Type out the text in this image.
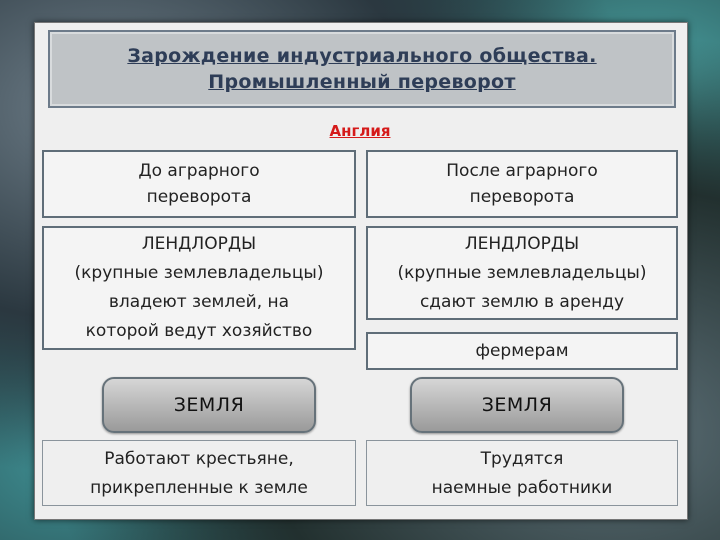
Зарождение индустриального общества.
Промышленный переворот
Англия
До аграрного
переворота
ЛЕНДЛОРДЫ
(крупные землевладельцы)
владеют землей, на
которой ведут хозяйство
ЗЕМЛЯ
Работают крестьяне,
прикрепленные к земле
После аграрного
переворота
ЛЕНДЛОРДЫ
(крупные землевладельцы)
сдают землю в аренду
фермерам
ЗЕМЛЯ
Трудятся
наемные работники
